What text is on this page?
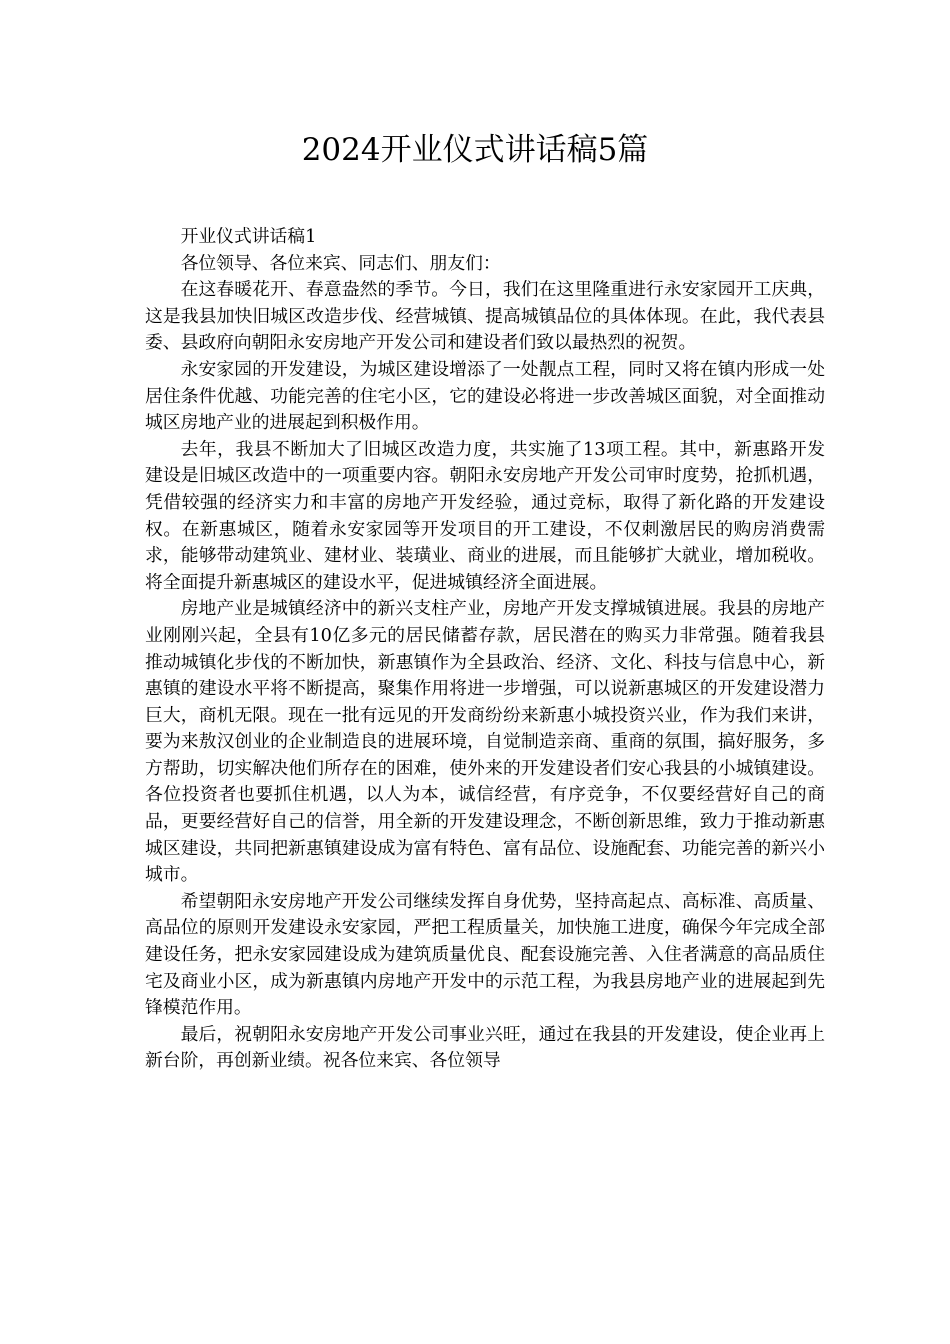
2024开业仪式讲话稿5篇

开业仪式讲话稿1

各位领导、各位来宾、同志们、朋友们：

在这春暖花开、春意盎然的季节。今日，我们在这里隆重进行永安家园开工庆典，这是我县加快旧城区改造步伐、经营城镇、提高城镇品位的具体体现。在此，我代表县委、县政府向朝阳永安房地产开发公司和建设者们致以最热烈的祝贺。

永安家园的开发建设，为城区建设增添了一处靓点工程，同时又将在镇内形成一处居住条件优越、功能完善的住宅小区，它的建设必将进一步改善城区面貌，对全面推动城区房地产业的进展起到积极作用。

去年，我县不断加大了旧城区改造力度，共实施了13项工程。其中，新惠路开发建设是旧城区改造中的一项重要内容。朝阳永安房地产开发公司审时度势，抢抓机遇，凭借较强的经济实力和丰富的房地产开发经验，通过竞标，取得了新化路的开发建设权。在新惠城区，随着永安家园等开发项目的开工建设，不仅刺激居民的购房消费需求，能够带动建筑业、建材业、装璜业、商业的进展，而且能够扩大就业，增加税收。将全面提升新惠城区的建设水平，促进城镇经济全面进展。

房地产业是城镇经济中的新兴支柱产业，房地产开发支撑城镇进展。我县的房地产业刚刚兴起，全县有10亿多元的居民储蓄存款，居民潜在的购买力非常强。随着我县推动城镇化步伐的不断加快，新惠镇作为全县政治、经济、文化、科技与信息中心，新惠镇的建设水平将不断提高，聚集作用将进一步增强，可以说新惠城区的开发建设潜力巨大，商机无限。现在一批有远见的开发商纷纷来新惠小城投资兴业，作为我们来讲，要为来敖汉创业的企业制造良的进展环境，自觉制造亲商、重商的氛围，搞好服务，多方帮助，切实解决他们所存在的困难，使外来的开发建设者们安心我县的小城镇建设。各位投资者也要抓住机遇，以人为本，诚信经营，有序竞争，不仅要经营好自己的商品，更要经营好自己的信誉，用全新的开发建设理念，不断创新思维，致力于推动新惠城区建设，共同把新惠镇建设成为富有特色、富有品位、设施配套、功能完善的新兴小城市。

希望朝阳永安房地产开发公司继续发挥自身优势，坚持高起点、高标准、高质量、高品位的原则开发建设永安家园，严把工程质量关，加快施工进度，确保今年完成全部建设任务，把永安家园建设成为建筑质量优良、配套设施完善、入住者满意的高品质住宅及商业小区，成为新惠镇内房地产开发中的示范工程，为我县房地产业的进展起到先锋模范作用。

最后，祝朝阳永安房地产开发公司事业兴旺，通过在我县的开发建设，使企业再上新台阶，再创新业绩。祝各位来宾、各位领导
